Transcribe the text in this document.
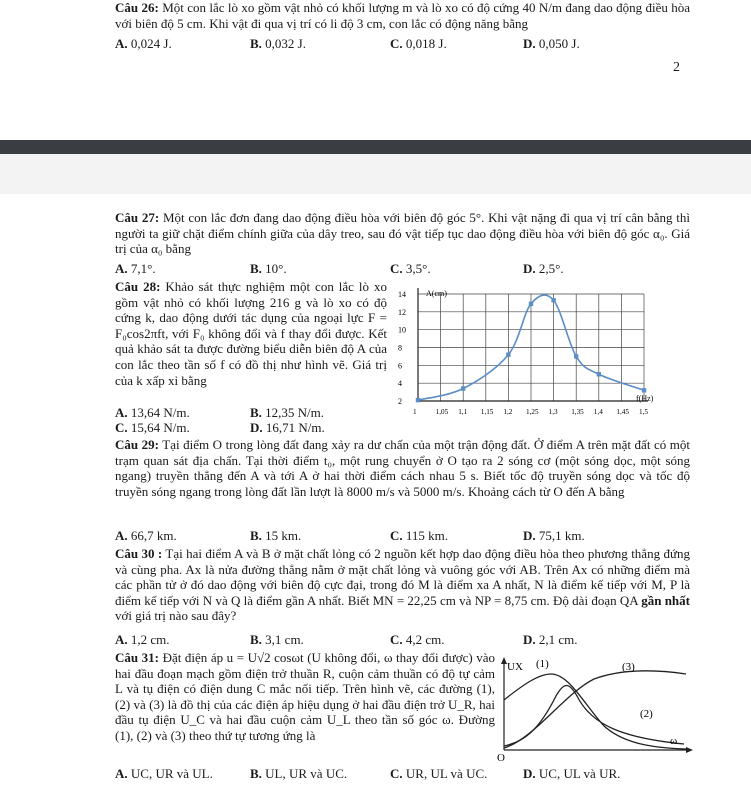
Câu 26: Một con lắc lò xo gồm vật nhỏ có khối lượng m và lò xo có độ cứng 40 N/m đang dao động điều hòa với biên độ 5 cm. Khi vật đi qua vị trí có li độ 3 cm, con lắc có động năng bằng
A. 0,024 J.	B. 0,032 J.	C. 0,018 J.	D. 0,050 J.
2
Câu 27: Một con lắc đơn đang dao động điều hòa với biên độ góc 5°. Khi vật nặng đi qua vị trí cân bằng thì người ta giữ chặt điểm chính giữa của dây treo, sau đó vật tiếp tục dao động điều hòa với biên độ góc α₀. Giá trị của α₀ bằng
A. 7,1°.	B. 10°.	C. 3,5°.	D. 2,5°.
Câu 28: Khảo sát thực nghiệm một con lắc lò xo gồm vật nhỏ có khối lượng 216 g và lò xo có độ cứng k, dao động dưới tác dụng của ngoại lực F = F₀cos2πft, với F₀ không đổi và f thay đổi được. Kết quả khảo sát ta được đường biểu diễn biên độ A của con lắc theo tần số f có đồ thị như hình vẽ. Giá trị của k xấp xỉ bằng
14
12
10
8
6
4
2
1	1,05 1,1 1,15 1,2 1,25 1,3 1,35 1,4 1,45 1,5
A(cm)
f(Hz)
A. 13,64 N/m.	B. 12,35 N/m.
C. 15,64 N/m.	D. 16,71 N/m.
Câu 29: Tại điểm O trong lòng đất đang xảy ra dư chấn của một trận động đất. Ở điểm A trên mặt đất có một trạm quan sát địa chấn. Tại thời điểm t₀, một rung chuyển ở O tạo ra 2 sóng cơ (một sóng dọc, một sóng ngang) truyền thẳng đến A và tới A ở hai thời điểm cách nhau 5 s. Biết tốc độ truyền sóng dọc và tốc độ truyền sóng ngang trong lòng đất lần lượt là 8000 m/s và 5000 m/s. Khoảng cách từ O đến A bằng
A. 66,7 km.	B. 15 km.	C. 115 km.	D. 75,1 km.
Câu 30 : Tại hai điểm A và B ở mặt chất lỏng có 2 nguồn kết hợp dao động điều hòa theo phương thẳng đứng và cùng pha. Ax là nửa đường thẳng nằm ở mặt chất lỏng và vuông góc với AB. Trên Ax có những điểm mà các phần tử ở đó dao động với biên độ cực đại, trong đó M là điểm xa A nhất, N là điểm kế tiếp với M, P là điểm kế tiếp với N và Q là điểm gần A nhất. Biết MN = 22,25 cm và NP = 8,75 cm. Độ dài đoạn QA gần nhất với giá trị nào sau đây?
A. 1,2 cm.	B. 3,1 cm.	C. 4,2 cm.	D. 2,1 cm.
Câu 31: Đặt điện áp u = U√2 cosωt (U không đổi, ω thay đổi được) vào hai đầu đoạn mạch gồm điện trở thuần R, cuộn cảm thuần có độ tự cảm L và tụ điện có điện dung C mắc nối tiếp. Trên hình vẽ, các đường (1), (2) và (3) là đồ thị của các điện áp hiệu dụng ở hai đầu điện trở U_R, hai đầu tụ điện U_C và hai đầu cuộn cảm U_L theo tần số góc ω. Đường (1), (2) và (3) theo thứ tự tương ứng là
UX (1)	(3)
(2)
ω
O
A. UC, UR và UL.	B. UL, UR và UC.	C. UR, UL và UC.	D. UC, UL và UR.
